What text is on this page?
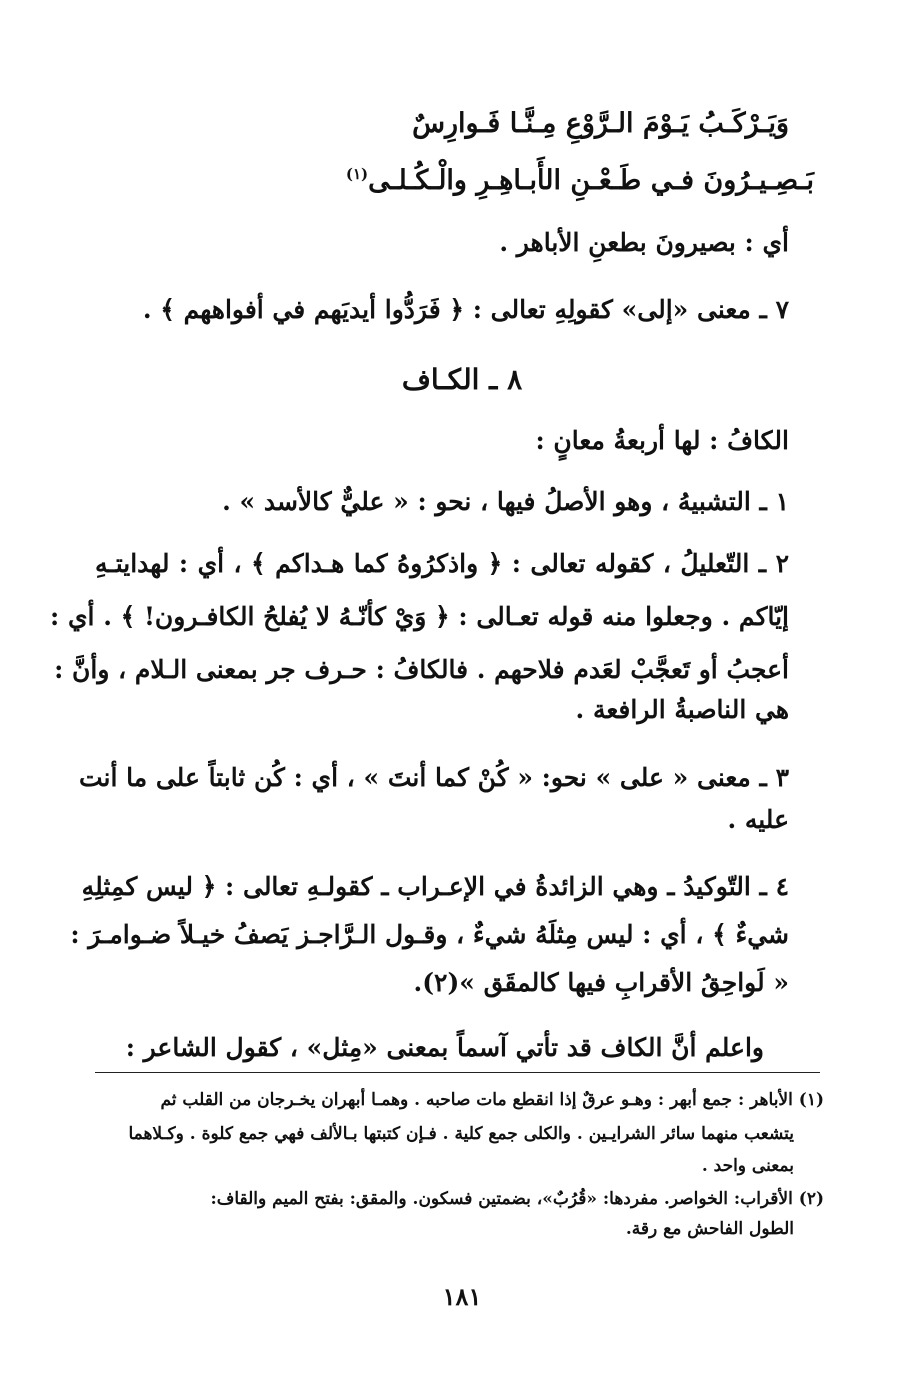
وَيَـرْكَـبُ يَـوْمَ الـرَّوْعِ مِـنَّـا فَـوارِسٌ
بَـصِـيـرُونَ فـي طَـعْـنِ الأَبـاهِـرِ والْـكُـلـى$^{(١)}$
أي : بصيرونَ بطعنِ الأباهر .
٧ ـ معنى «إلى» كقولِهِ تعالى : ﴿ فَرَدُّوا أيديَهم في أفواههم ﴾ .
٨ ـ الكـاف
الكافُ : لها أربعةُ معانٍ :
١ ـ التشبيهُ ، وهو الأصلُ فيها ، نحو : « عليٌّ كالأسد » .
٢ ـ التّعليلُ ، كقوله تعالى : ﴿ واذكرُوهُ كما هـداكم ﴾ ، أي : لهدايتـهِ
إيّاكم . وجعلوا منه قوله تعـالى : ﴿ وَيْ كأنّـهُ لا يُفلحُ الكافـرون! ﴾ . أي :
أعجبُ أو تَعجَّبْ لعَدم فلاحهم . فالكافُ : حـرف جر بمعنى الـلام ، وأنَّ :
هي الناصبةُ الرافعة .
٣ ـ معنى « على » نحو: « كُنْ كما أنتَ » ، أي : كُن ثابتاً على ما أنت
عليه .
٤ ـ التّوكيدُ ـ وهي الزائدةُ في الإعـراب ـ كقولـهِ تعالى : ﴿ ليس كمِثلِهِ
شيءٌ ﴾ ، أي : ليس مِثلَهُ شيءٌ ، وقـول الـرَّاجـز يَصفُ خيـلاً ضـوامـرَ :
« لَواحِقُ الأقرابِ فيها كالمقَق »(٢).
واعلم أنَّ الكاف قد تأتي آسماً بمعنى «مِثل» ، كقول الشاعر :
(١) الأباهر : جمع أبهر : وهـو عرقٌ إذا انقطع مات صاحبه . وهمـا أبهران يخـرجان من القلب ثم
يتشعب منهما سائر الشرايـين . والكلى جمع كلية . فـإن كتبتها بـالألف فهي جمع كلوة . وكـلاهما
بمعنى واحد .
(٢) الأقراب: الخواصر. مفردها: «قُرُبٌ»، بضمتين فسكون. والمقق: بفتح الميم والقاف:
الطول الفاحش مع رقة.
١٨١
